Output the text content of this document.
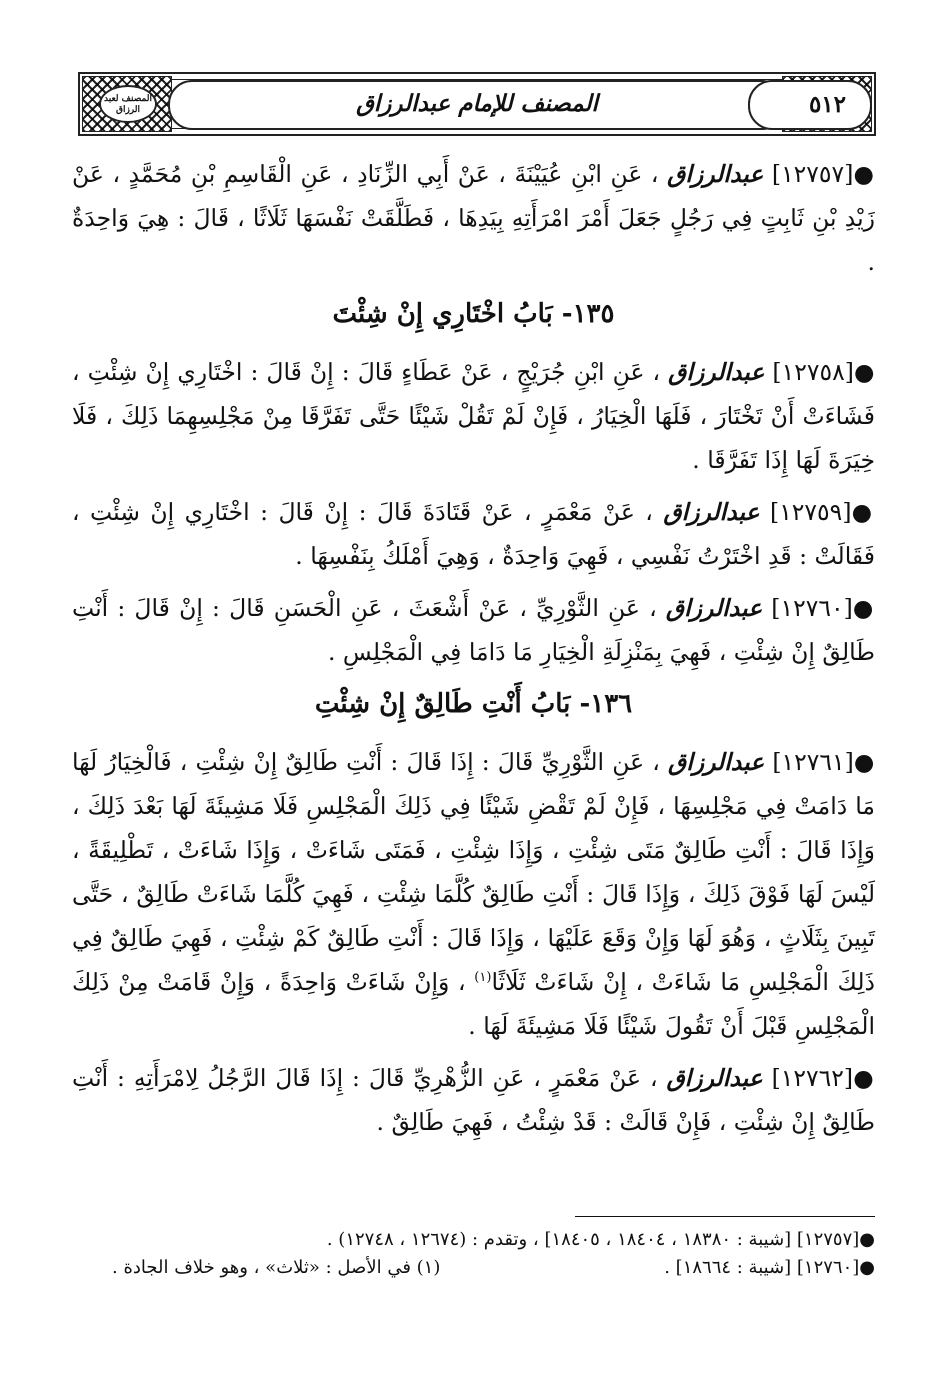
المصنف لعبد الرزاق	المصنف للإمام عبدالرزاق	٥١٢

●[١٢٧٥٧] عبدالرزاق ، عَنِ ابْنِ عُيَيْنَةَ ، عَنْ أَبِي الزِّنَادِ ، عَنِ الْقَاسِمِ بْنِ مُحَمَّدٍ ، عَنْ زَيْدِ بْنِ ثَابِتٍ فِي رَجُلٍ جَعَلَ أَمْرَ امْرَأَتِهِ بِيَدِهَا ، فَطَلَّقَتْ نَفْسَهَا ثَلَاثًا ، قَالَ : هِيَ وَاحِدَةٌ .

١٣٥- بَابُ اخْتَارِي إِنْ شِئْتَ

●[١٢٧٥٨] عبدالرزاق ، عَنِ ابْنِ جُرَيْجٍ ، عَنْ عَطَاءٍ قَالَ : إِنْ قَالَ : اخْتَارِي إِنْ شِئْتِ ، فَشَاءَتْ أَنْ تَخْتَارَ ، فَلَهَا الْخِيَارُ ، فَإِنْ لَمْ تَقُلْ شَيْئًا حَتَّى تَفَرَّقَا مِنْ مَجْلِسِهِمَا ذَلِكَ ، فَلَا خِيَرَةَ لَهَا إِذَا تَفَرَّقَا .

●[١٢٧٥٩] عبدالرزاق ، عَنْ مَعْمَرٍ ، عَنْ قَتَادَةَ قَالَ : إِنْ قَالَ : اخْتَارِي إِنْ شِئْتِ ، فَقَالَتْ : قَدِ اخْتَرْتُ نَفْسِي ، فَهِيَ وَاحِدَةٌ ، وَهِيَ أَمْلَكُ بِنَفْسِهَا .

●[١٢٧٦٠] عبدالرزاق ، عَنِ الثَّوْرِيِّ ، عَنْ أَشْعَثَ ، عَنِ الْحَسَنِ قَالَ : إِنْ قَالَ : أَنْتِ طَالِقٌ إِنْ شِئْتِ ، فَهِيَ بِمَنْزِلَةِ الْخِيَارِ مَا دَامَا فِي الْمَجْلِسِ .

١٣٦- بَابُ أَنْتِ طَالِقٌ إِنْ شِئْتِ

●[١٢٧٦١] عبدالرزاق ، عَنِ الثَّوْرِيِّ قَالَ : إِذَا قَالَ : أَنْتِ طَالِقٌ إِنْ شِئْتِ ، فَالْخِيَارُ لَهَا مَا دَامَتْ فِي مَجْلِسِهَا ، فَإِنْ لَمْ تَقْضِ شَيْئًا فِي ذَلِكَ الْمَجْلِسِ فَلَا مَشِيئَةَ لَهَا بَعْدَ ذَلِكَ ، وَإِذَا قَالَ : أَنْتِ طَالِقٌ مَتَى شِئْتِ ، وَإِذَا شِئْتِ ، فَمَتَى شَاءَتْ ، وَإِذَا شَاءَتْ ، تَطْلِيقَةً ، لَيْسَ لَهَا فَوْقَ ذَلِكَ ، وَإِذَا قَالَ : أَنْتِ طَالِقٌ كُلَّمَا شِئْتِ ، فَهِيَ كُلَّمَا شَاءَتْ طَالِقٌ ، حَتَّى تَبِينَ بِثَلَاثٍ ، وَهُوَ لَهَا وَإِنْ وَقَعَ عَلَيْهَا ، وَإِذَا قَالَ : أَنْتِ طَالِقٌ كَمْ شِئْتِ ، فَهِيَ طَالِقٌ فِي ذَلِكَ الْمَجْلِسِ مَا شَاءَتْ ، إِنْ شَاءَتْ ثَلَاثًا$^{(١)}$ ، وَإِنْ شَاءَتْ وَاحِدَةً ، وَإِنْ قَامَتْ مِنْ ذَلِكَ الْمَجْلِسِ قَبْلَ أَنْ تَقُولَ شَيْئًا فَلَا مَشِيئَةَ لَهَا .

●[١٢٧٦٢] عبدالرزاق ، عَنْ مَعْمَرٍ ، عَنِ الزُّهْرِيِّ قَالَ : إِذَا قَالَ الرَّجُلُ لِامْرَأَتِهِ : أَنْتِ طَالِقٌ إِنْ شِئْتِ ، فَإِنْ قَالَتْ : قَدْ شِئْتُ ، فَهِيَ طَالِقٌ .

●[١٢٧٥٧] [شيبة : ١٨٣٨٠ ، ١٨٤٠٤ ، ١٨٤٠٥] ، وتقدم : (١٢٦٧٤ ، ١٢٧٤٨) .
●[١٢٧٦٠] [شيبة : ١٨٦٦٤] .
(١) في الأصل : «ثلاث» ، وهو خلاف الجادة .
